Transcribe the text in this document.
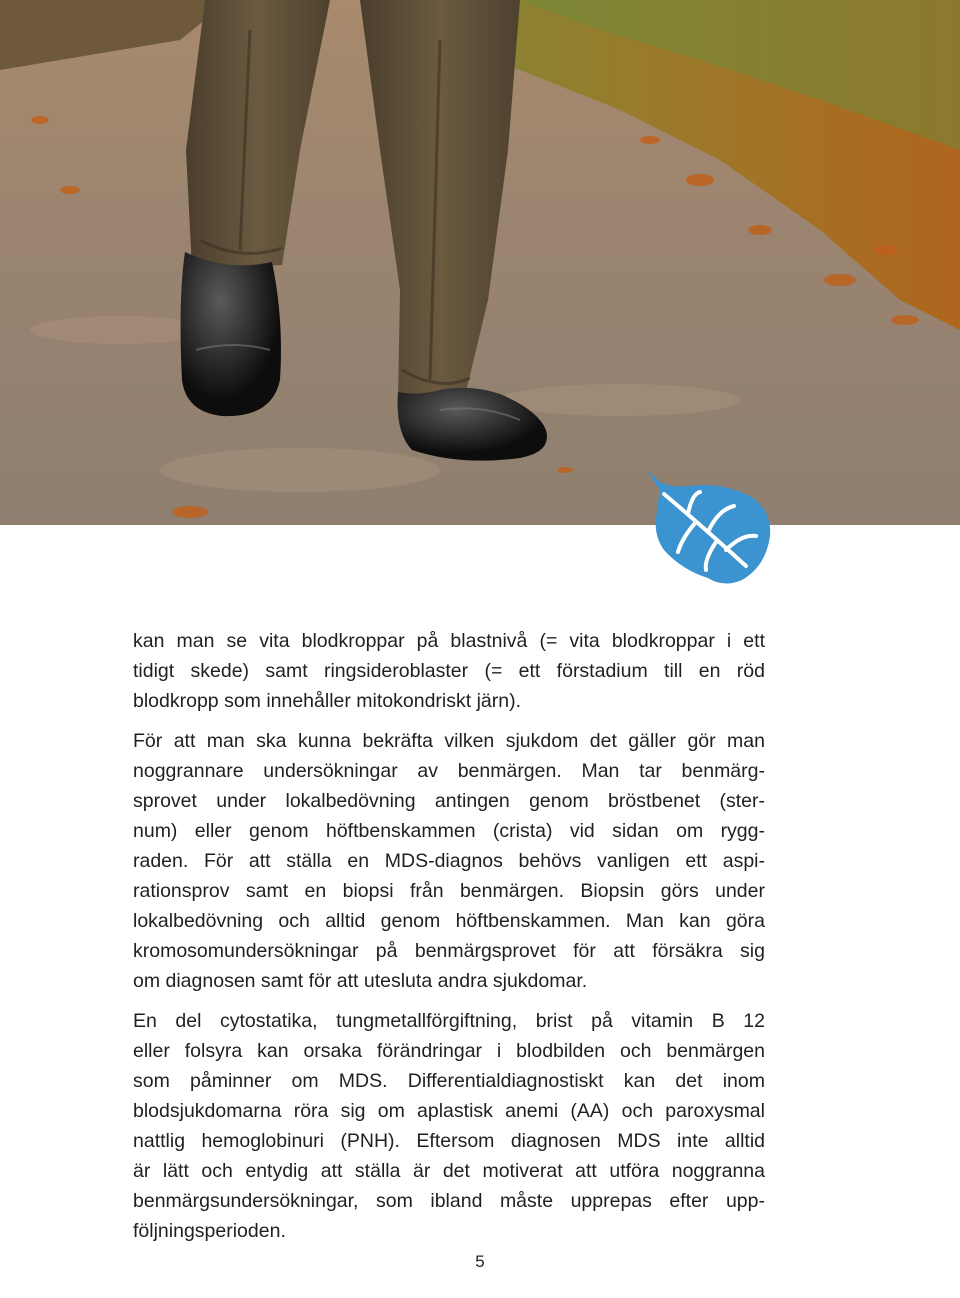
kan man se vita blodkroppar på blastnivå (= vita blodkroppar i ett
tidigt skede) samt ringsideroblaster (= ett förstadium till en röd
blodkropp som innehåller mitokondriskt järn).

För att man ska kunna bekräfta vilken sjukdom det gäller gör man
noggrannare undersökningar av benmärgen. Man tar benmärg-
sprovet under lokalbedövning antingen genom bröstbenet (ster-
num) eller genom höftbenskammen (crista) vid sidan om rygg-
raden. För att ställa en MDS-diagnos behövs vanligen ett aspi-
rationsprov samt en biopsi från benmärgen. Biopsin görs under
lokalbedövning och alltid genom höftbenskammen. Man kan göra
kromosomundersökningar på benmärgsprovet för att försäkra sig
om diagnosen samt för att utesluta andra sjukdomar.

En del cytostatika, tungmetallförgiftning, brist på vitamin B 12
eller folsyra kan orsaka förändringar i blodbilden och benmärgen
som påminner om MDS. Differentialdiagnostiskt kan det inom
blodsjukdomarna röra sig om aplastisk anemi (AA) och paroxysmal
nattlig hemoglobinuri (PNH). Eftersom diagnosen MDS inte alltid
är lätt och entydig att ställa är det motiverat att utföra noggranna
benmärgsundersökningar, som ibland måste upprepas efter upp-
följningsperioden.

5
